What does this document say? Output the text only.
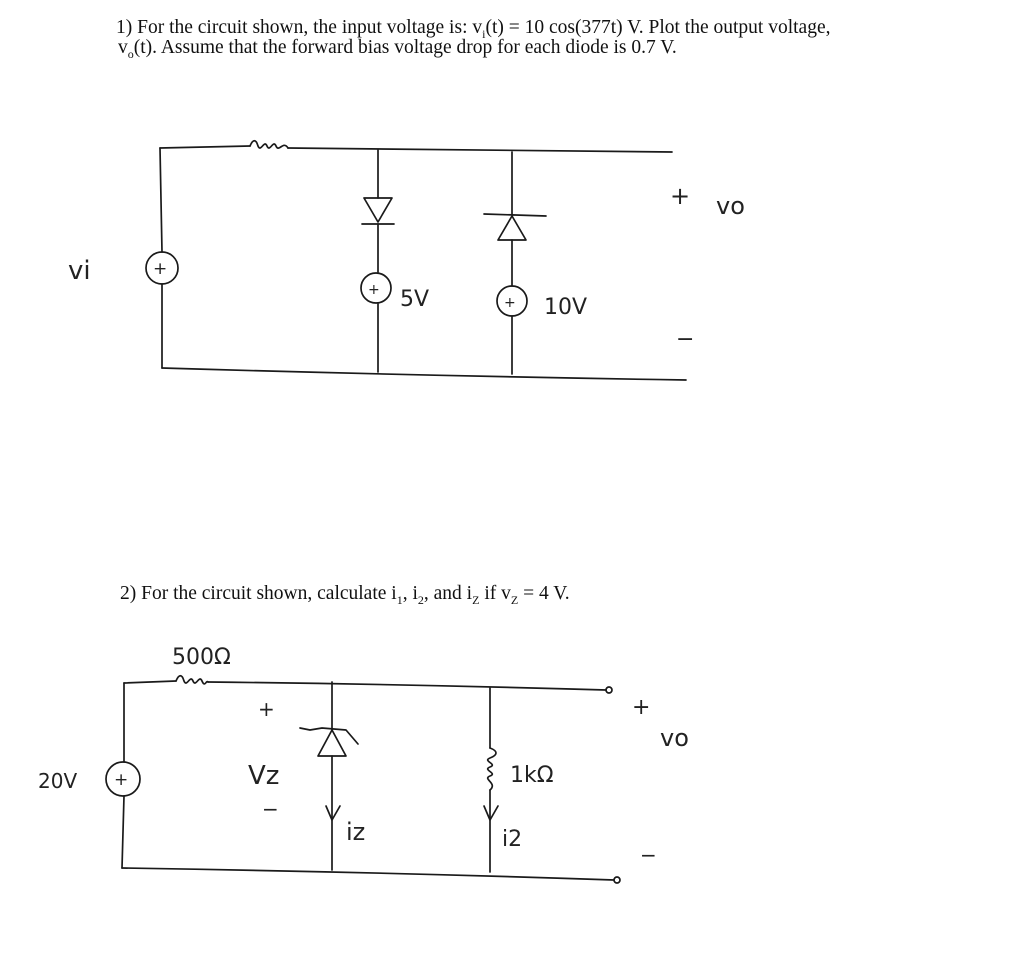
1) For the circuit shown, the input voltage is: $v_i(t) = 10$ cos(377t) V. Plot the output voltage,
$v_o(t)$. Assume that the forward bias voltage drop for each diode is 0.7 V.
2) For the circuit shown, calculate $i_1$, $i_2$, and $i_Z$ if $v_Z = 4$ V.
vi	+
+
+
5V	10V
+ vo
−
500Ω
20V +
+
Vz
−
iz
1kΩ
i2
+
vo
−
